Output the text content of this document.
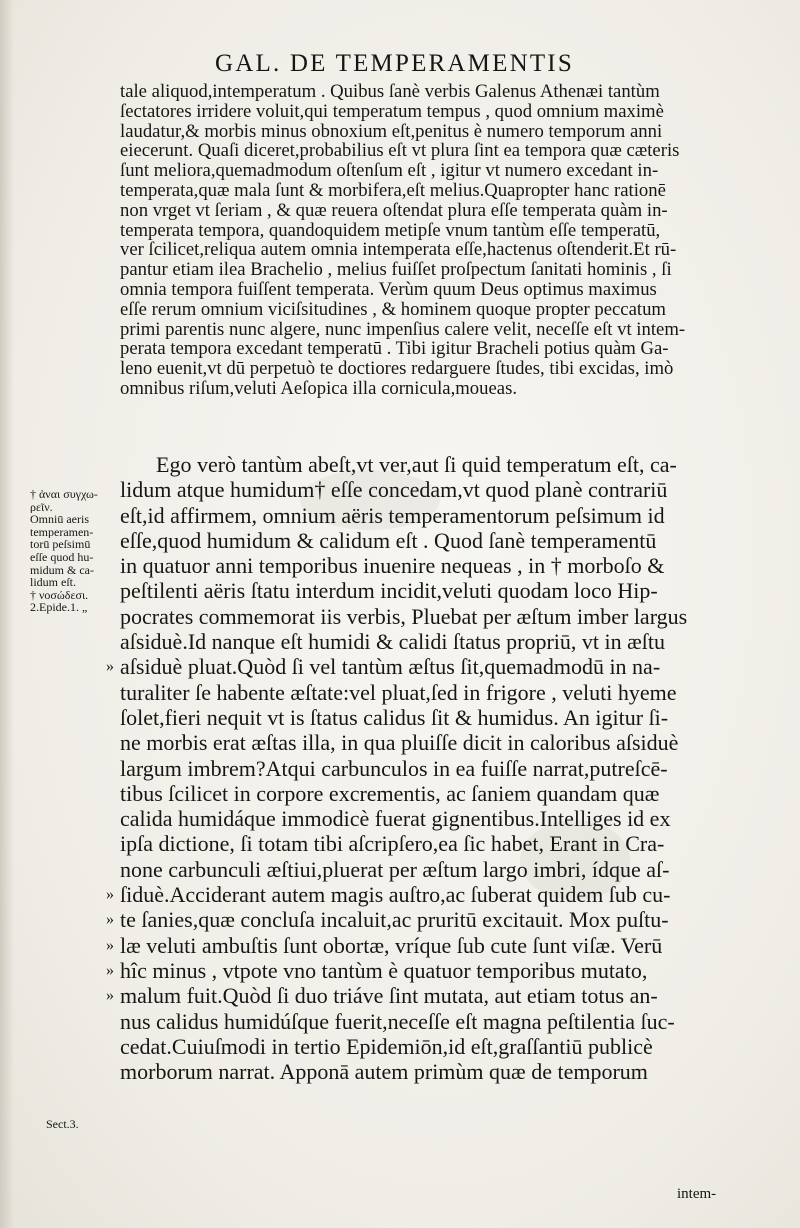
GAL. DE TEMPERAMENTIS
tale aliquod,intemperatum . Quibus ſanè verbis Galenus Athenæi tantùm
ſectatores irridere voluit,qui temperatum tempus , quod omnium maximè
laudatur,& morbis minus obnoxium eſt,penitus è numero temporum anni
eiecerunt. Quaſi diceret,probabilius eſt vt plura ſint ea tempora quæ cæteris
ſunt meliora,quemadmodum oſtenſum eſt , igitur vt numero excedant in-
temperata,quæ mala ſunt & morbifera,eſt melius.Quapropter hanc rationē
non vrget vt ſeriam , & quæ reuera oſtendat plura eſſe temperata quàm in-
temperata tempora, quandoquidem metipſe vnum tantùm eſſe temperatū,
ver ſcilicet,reliqua autem omnia intemperata eſſe,hactenus oſtenderit.Et rū-
pantur etiam ilea Brachelio , melius fuiſſet proſpectum ſanitati hominis , ſi
omnia tempora fuiſſent temperata. Verùm quum Deus optimus maximus
eſſe rerum omnium viciſsitudines , & hominem quoque propter peccatum
primi parentis nunc algere, nunc impenſius calere velit, neceſſe eſt vt intem-
perata tempora excedant temperatū . Tibi igitur Bracheli potius quàm Ga-
leno euenit,vt dū perpetuò te doctiores redarguere ſtudes, tibi excidas, imò
omnibus riſum,veluti Aeſopica illa cornicula,moueas.
Ego verò tantùm abeſt,vt ver,aut ſi quid temperatum eſt, ca-
lidum atque humidum† eſſe concedam,vt quod planè contrariū
eſt,id affirmem, omnium aëris temperamentorum peſsimum id
eſſe,quod humidum & calidum eſt . Quod ſanè temperamentū
in quatuor anni temporibus inuenire nequeas , in † morboſo &
peſtilenti aëris ſtatu interdum incidit,veluti quodam loco Hip-
pocrates commemorat iis verbis, Pluebat per æſtum imber largus
aſsiduè.Id nanque eſt humidi & calidi ſtatus propriū, vt in æſtu
aſsiduè pluat.Quòd ſi vel tantùm æſtus ſit,quemadmodū in na-
turaliter ſe habente æſtate:vel pluat,ſed in frigore , veluti hyeme
ſolet,fieri nequit vt is ſtatus calidus ſit & humidus. An igitur ſi-
ne morbis erat æſtas illa, in qua pluiſſe dicit in caloribus aſsiduè
largum imbrem?Atqui carbunculos in ea fuiſſe narrat,putreſcē-
tibus ſcilicet in corpore excrementis, ac ſaniem quandam quæ
calida humidáque immodicè fuerat gignentibus.Intelliges id ex
ipſa dictione, ſi totam tibi aſcripſero,ea ſic habet, Erant in Cra-
none carbunculi æſtiui,pluerat per æſtum largo imbri, ídque aſ-
ſiduè.Acciderant autem magis auſtro,ac ſuberat quidem ſub cu-
te ſanies,quæ concluſa incaluit,ac pruritū excitauit. Mox puſtu-
læ veluti ambuſtis ſunt obortæ, vríque ſub cute ſunt viſæ. Verū
hîc minus , vtpote vno tantùm è quatuor temporibus mutato,
malum fuit.Quòd ſi duo triáve ſint mutata, aut etiam totus an-
nus calidus humidúſque fuerit,neceſſe eſt magna peſtilentia ſuc-
cedat.Cuiuſmodi in tertio Epidemiōn,id eſt,graſſantiū publicè
morborum narrat. Apponā autem primùm quæ de temporum
† ἀναι συγχω-
ρεῖν.
Omniū aeris
temperamen-
torū peſsimū
eſſe quod hu-
midum & ca-
lidum eſt.
† νοσώδεσι.
2.Epide.1. „
»
»
»
»
»
»
Sect.3.
intem-
